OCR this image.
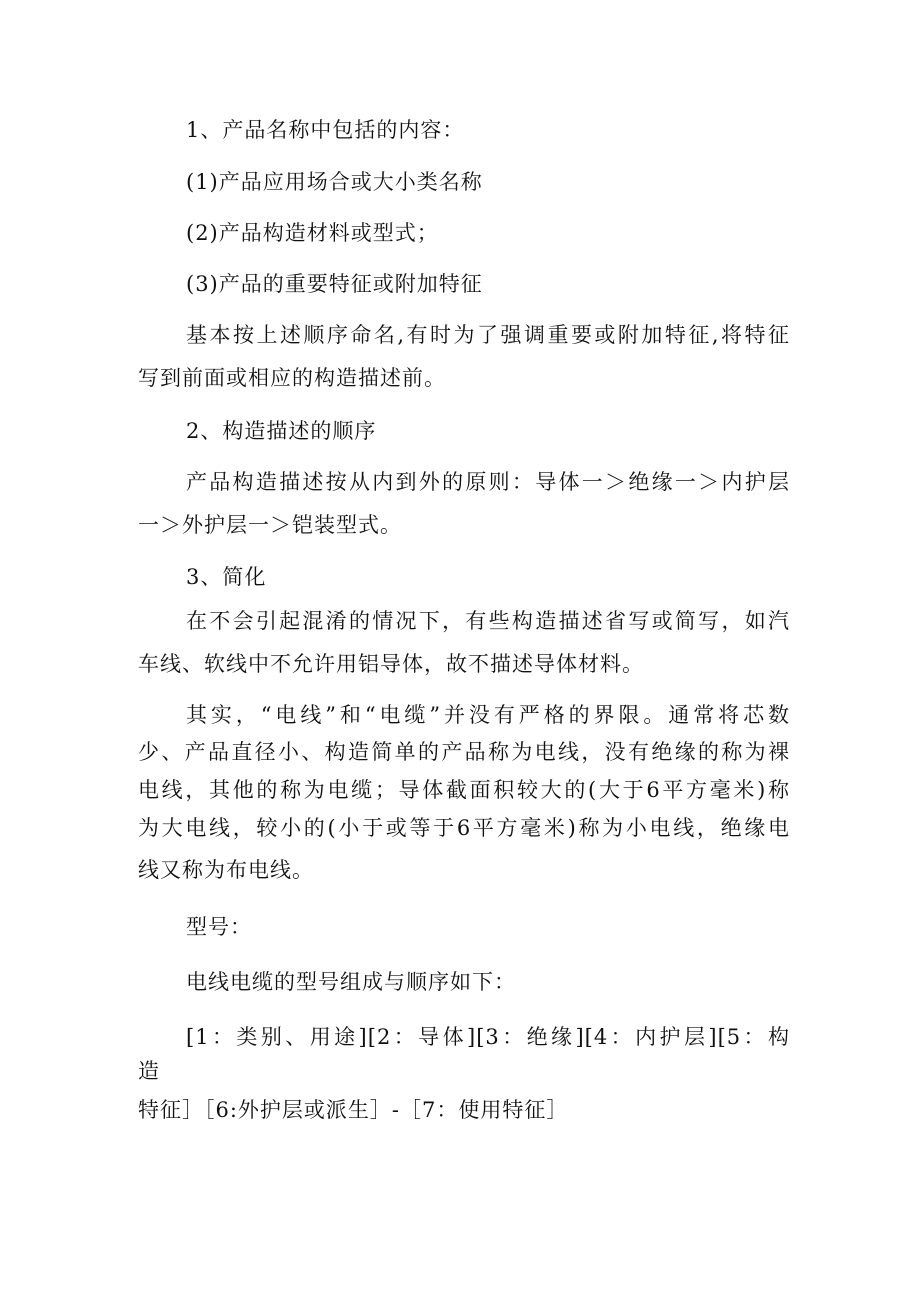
1、产品名称中包括的内容：
(1)产品应用场合或大小类名称
(2)产品构造材料或型式；
(3)产品的重要特征或附加特征
基本按上述顺序命名,有时为了强调重要或附加特征,将特征
写到前面或相应的构造描述前。
2、构造描述的顺序
产品构造描述按从内到外的原则：导体一＞绝缘一＞内护层
一＞外护层一＞铠装型式。
3、简化
在不会引起混淆的情况下，有些构造描述省写或简写，如汽
车线、软线中不允许用铝导体，故不描述导体材料。
其实，“电线”和“电缆”并没有严格的界限。通常将芯数
少、产品直径小、构造简单的产品称为电线，没有绝缘的称为裸
电线，其他的称为电缆；导体截面积较大的(大于6平方毫米)称
为大电线，较小的(小于或等于6平方毫米)称为小电线，绝缘电
线又称为布电线。
型号：
电线电缆的型号组成与顺序如下：
[1：类别、用途][2：导体][3：绝缘][4：内护层][5：构
造
特征］［6:外护层或派生］-［7：使用特征］
